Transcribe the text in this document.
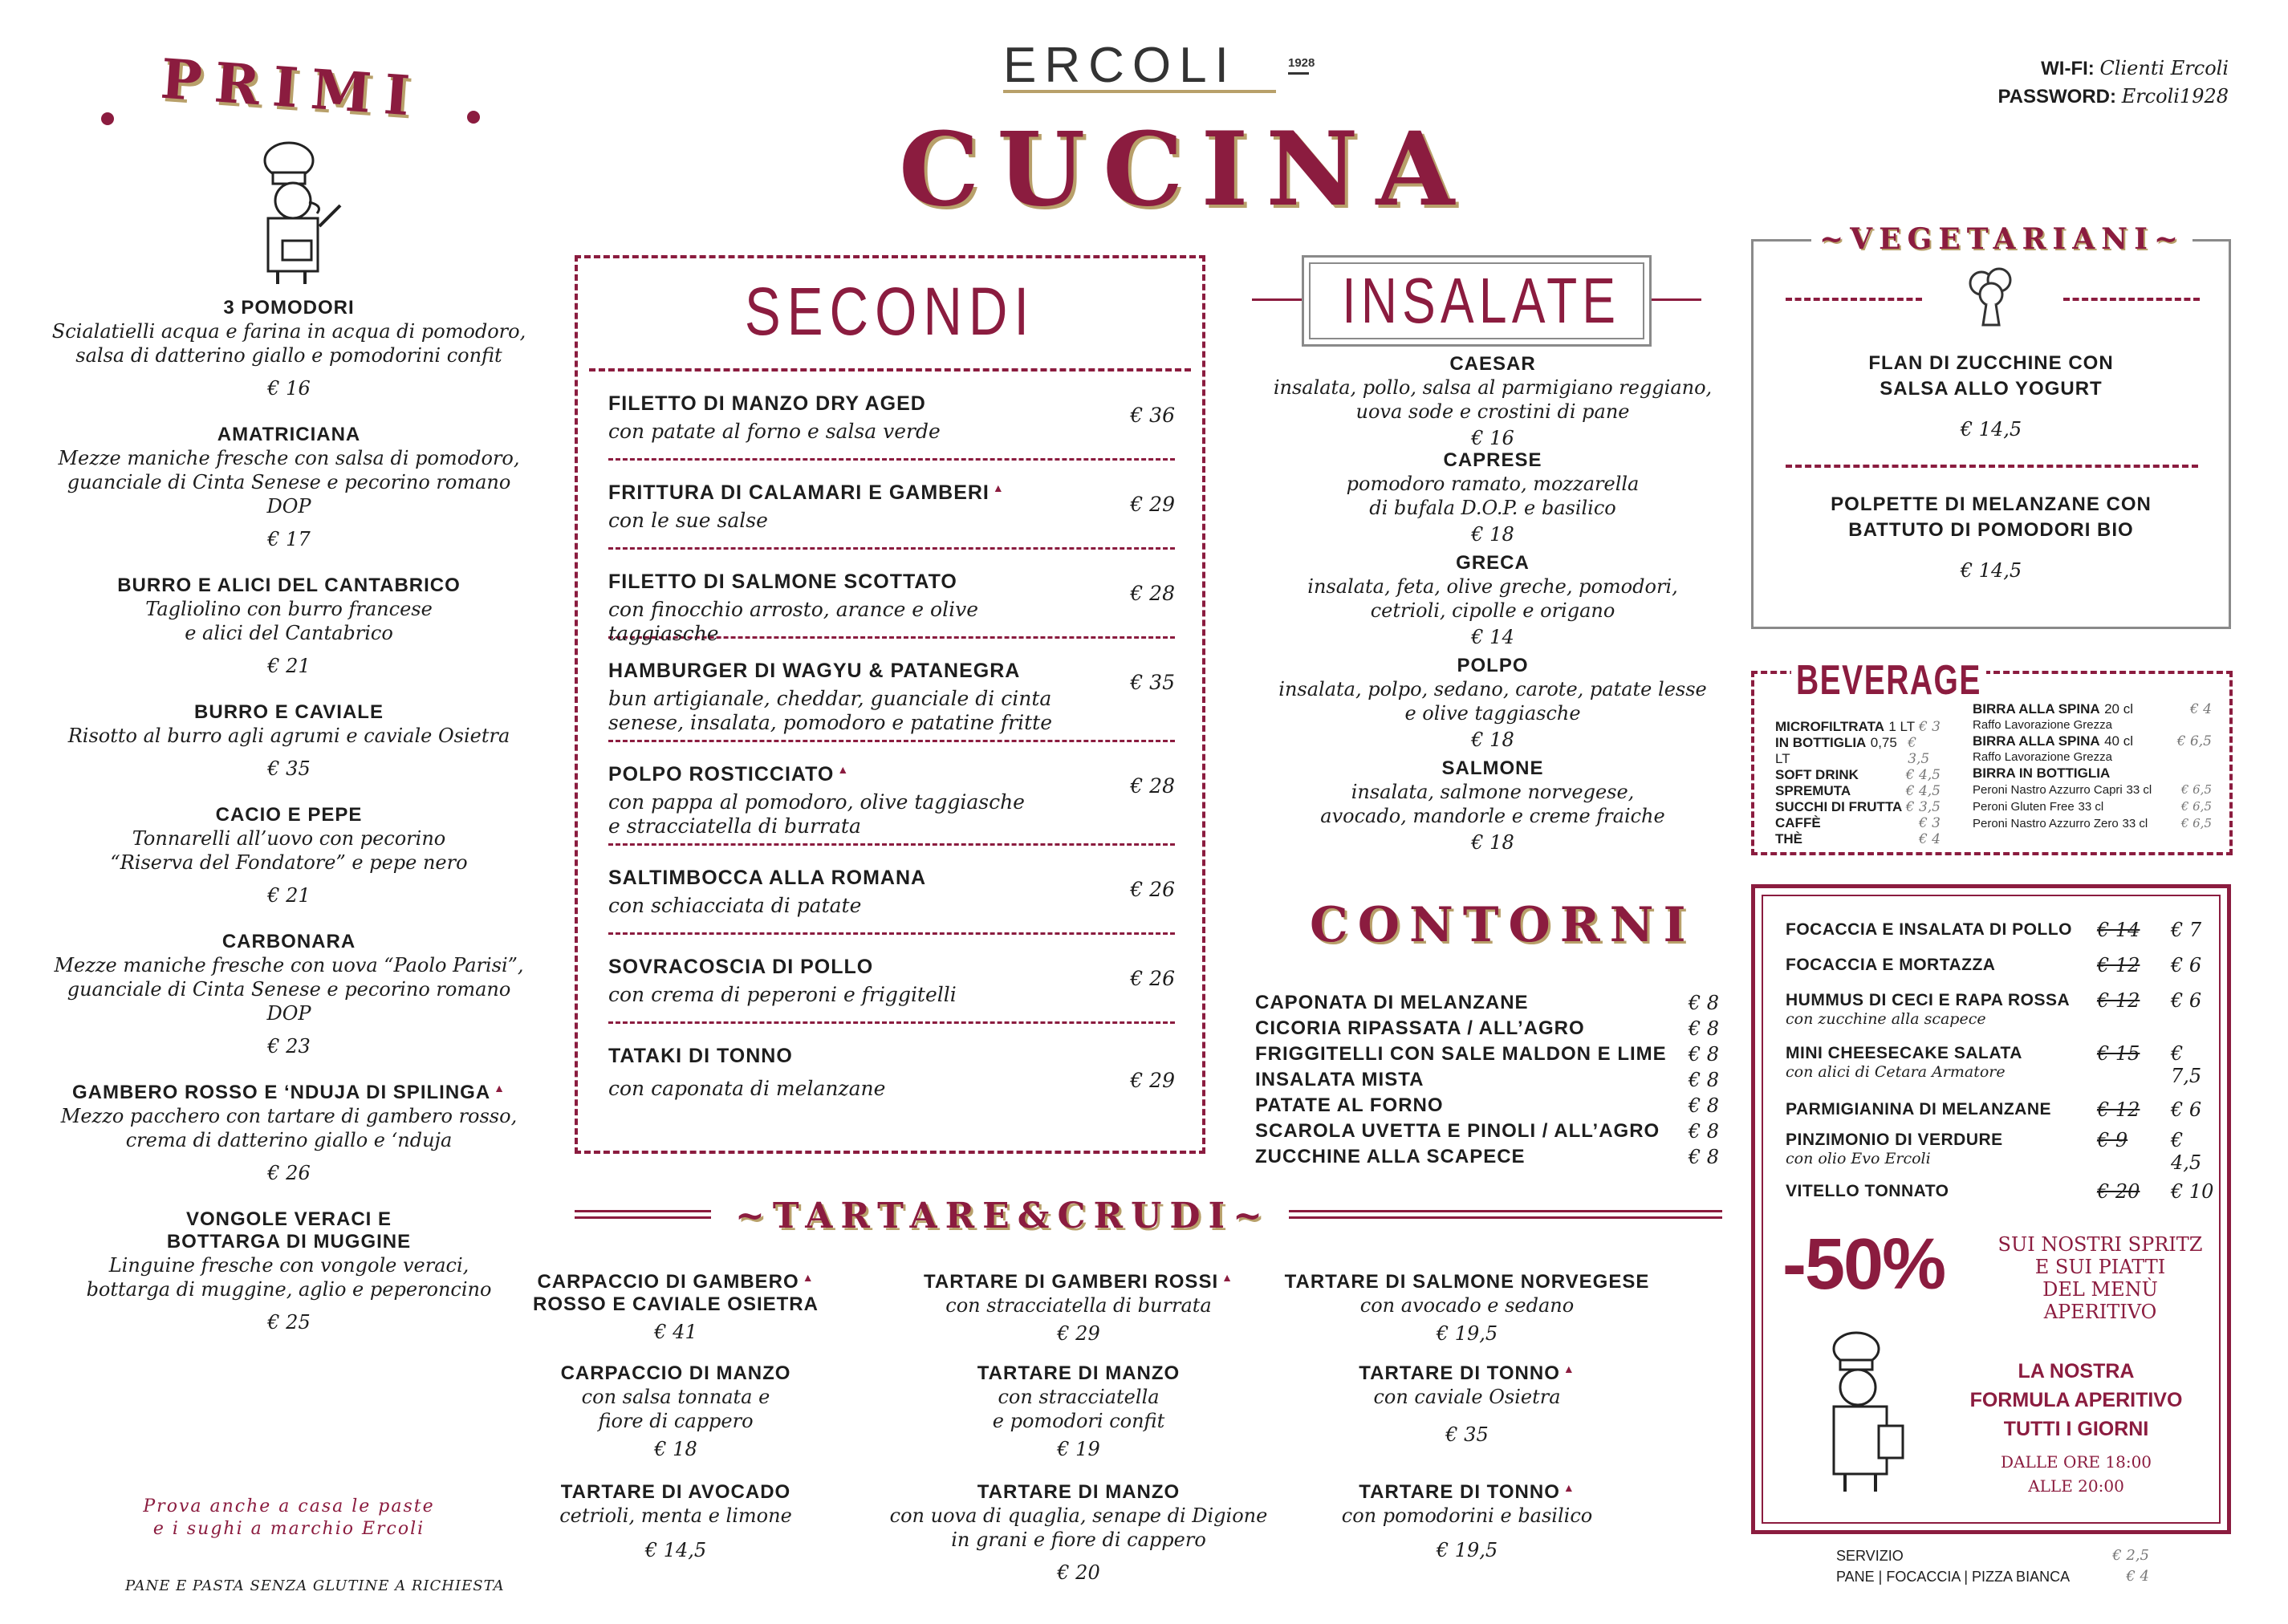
ERCOLI	1928
CUCINA
WI-FI: Clienti Ercoli
PASSWORD: Ercoli1928
PRIMI
3 POMODORI
Scialatielli acqua e farina in acqua di pomodoro,
salsa di datterino giallo e pomodorini confit
€ 16
AMATRICIANA
Mezze maniche fresche con salsa di pomodoro,
guanciale di Cinta Senese e pecorino romano DOP
€ 17
BURRO E ALICI DEL CANTABRICO
Tagliolino con burro francese
e alici del Cantabrico
€ 21
BURRO E CAVIALE
Risotto al burro agli agrumi e caviale Osietra
€ 35
CACIO E PEPE
Tonnarelli all’uovo con pecorino
“Riserva del Fondatore” e pepe nero
€ 21
CARBONARA
Mezze maniche fresche con uova “Paolo Parisi”,
guanciale di Cinta Senese e pecorino romano DOP
€ 23
GAMBERO ROSSO E ‘NDUJA DI SPILINGA ▲
Mezzo pacchero con tartare di gambero rosso,
crema di datterino giallo e ‘nduja
€ 26
VONGOLE VERACI E
BOTTARGA DI MUGGINE
Linguine fresche con vongole veraci,
bottarga di muggine, aglio e peperoncino
€ 25
Prova anche a casa le paste
e i sughi a marchio Ercoli
PANE E PASTA SENZA GLUTINE A RICHIESTA
SECONDI
FILETTO DI MANZO DRY AGED
con patate al forno e salsa verde
€ 36
FRITTURA DI CALAMARI E GAMBERI ▲
con le sue salse
€ 29
FILETTO DI SALMONE SCOTTATO
con finocchio arrosto, arance e olive taggiasche
€ 28
HAMBURGER DI WAGYU & PATANEGRA
bun artigianale, cheddar, guanciale di cinta
senese, insalata, pomodoro e patatine fritte
€ 35
POLPO ROSTICCIATO ▲
con pappa al pomodoro, olive taggiasche
e stracciatella di burrata
€ 28
SALTIMBOCCA ALLA ROMANA
con schiacciata di patate
€ 26
SOVRACOSCIA DI POLLO
con crema di peperoni e friggitelli
€ 26
TATAKI DI TONNO
con caponata di melanzane	€ 29
INSALATE
CAESAR
insalata, pollo, salsa al parmigiano reggiano,
uova sode e crostini di pane
€ 16
CAPRESE
pomodoro ramato, mozzarella
di bufala D.O.P. e basilico
€ 18
GRECA
insalata, feta, olive greche, pomodori,
cetrioli, cipolle e origano
€ 14
POLPO
insalata, polpo, sedano, carote, patate lesse
e olive taggiasche
€ 18
SALMONE
insalata, salmone norvegese,
avocado, mandorle e creme fraiche
€ 18
CONTORNI
CAPONATA DI MELANZANE	€ 8
CICORIA RIPASSATA / ALL’AGRO	€ 8
FRIGGITELLI CON SALE MALDON E LIME € 8
INSALATA MISTA	€ 8
PATATE AL FORNO	€ 8
SCAROLA UVETTA E PINOLI / ALL’AGRO € 8
ZUCCHINE ALLA SCAPECE	€ 8
~TARTARE&CRUDI~
CARPACCIO DI GAMBERO ▲
ROSSO E CAVIALE OSIETRA
€ 41
TARTARE DI GAMBERI ROSSI ▲
con stracciatella di burrata
€ 29
TARTARE DI SALMONE NORVEGESE
con avocado e sedano
€ 19,5
CARPACCIO DI MANZO
con salsa tonnata e
fiore di cappero
€ 18
TARTARE DI MANZO
con stracciatella
e pomodori confit
€ 19
TARTARE DI TONNO ▲
con caviale Osietra
€ 35
TARTARE DI AVOCADO
cetrioli, menta e limone
€ 14,5
TARTARE DI MANZO
con uova di quaglia, senape di Digione
in grani e fiore di cappero
€ 20
TARTARE DI TONNO ▲
con pomodorini e basilico
€ 19,5
~VEGETARIANI~
FLAN DI ZUCCHINE CON
SALSA ALLO YOGURT
€ 14,5
POLPETTE DI MELANZANE CON
BATTUTO DI POMODORI BIO
€ 14,5
BEVERAGE
MICROFILTRATA 1 LT € 3
IN BOTTIGLIA 0,75 LT
€ 3,5
SOFT DRINK	€ 4,5
SPREMUTA	€ 4,5
SUCCHI DI FRUTTA € 3,5
CAFFÈ	€ 3
THÈ	€ 4
BIRRA ALLA SPINA 20 cl	€ 4
Raffo Lavorazione Grezza
BIRRA ALLA SPINA 40 cl	€ 6,5
Raffo Lavorazione Grezza
BIRRA IN BOTTIGLIA
Peroni Nastro Azzurro Capri 33 cl € 6,5
Peroni Gluten Free 33 cl	€ 6,5
Peroni Nastro Azzurro Zero 33 cl	€ 6,5
FOCACCIA E INSALATA DI POLLO € 14 € 7
FOCACCIA E MORTAZZA	€ 12 € 6
HUMMUS DI CECI E RAPA ROSSA
con zucchine alla scapece
€ 12 € 6
MINI CHEESECAKE SALATA
con alici di Cetara Armatore
€ 15 € 7,5
PARMIGIANINA DI MELANZANE € 12 € 6
PINZIMONIO DI VERDURE
con olio Evo Ercoli
€ 9 € 4,5
VITELLO TONNATO	€ 20 € 10
-50%	SUI NOSTRI SPRITZ
E SUI PIATTI
DEL MENÙ APERITIVO
LA NOSTRA
FORMULA APERITIVO
TUTTI I GIORNI
DALLE ORE 18:00
ALLE 20:00
SERVIZIO	€ 2,5
PANE | FOCACCIA | PIZZA BIANCA	€ 4
